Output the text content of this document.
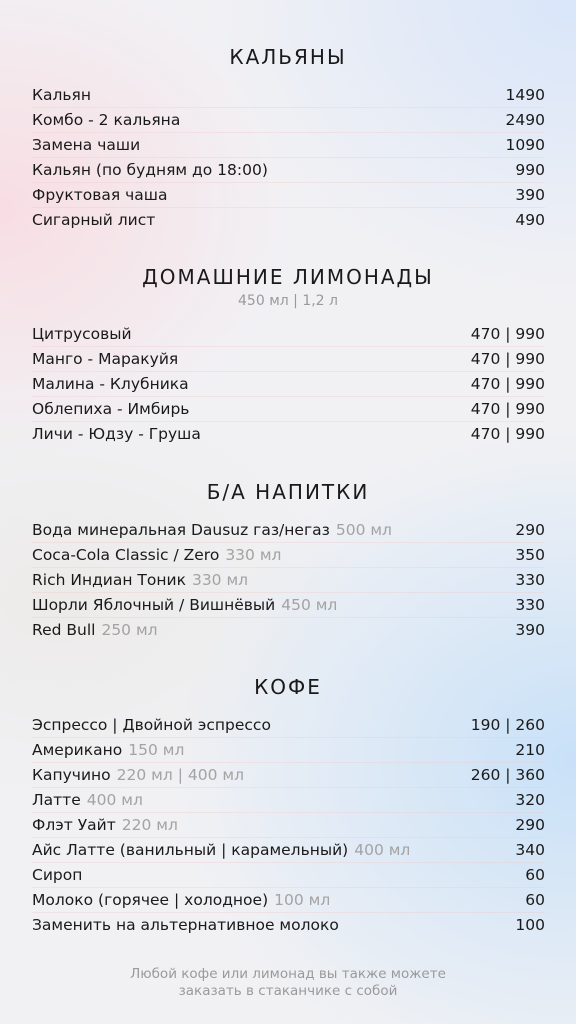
КАЛЬЯНЫ
Кальян	1490
Комбо - 2 кальяна	2490
Замена чаши	1090
Кальян (по будням до 18:00)	990
Фруктовая чаша	390
Сигарный лист	490
ДОМАШНИЕ ЛИМОНАДЫ
450 мл | 1,2 л
Цитрусовый	470 | 990
Манго - Маракуйя	470 | 990
Малина - Клубника	470 | 990
Облепиха - Имбирь	470 | 990
Личи - Юдзу - Груша	470 | 990
Б/А НАПИТКИ
Вода минеральная Dausuz газ/негаз 500 мл	290
Coca-Cola Classic / Zero 330 мл	350
Rich Индиан Тоник 330 мл	330
Шорли Яблочный / Вишнёвый 450 мл	330
Red Bull 250 мл	390
КОФЕ
Эспрессо | Двойной эспрессо	190 | 260
Американо 150 мл	210
Капучино 220 мл | 400 мл	260 | 360
Латте 400 мл	320
Флэт Уайт 220 мл	290
Айс Латте (ванильный | карамельный) 400 мл	340
Сироп	60
Молоко (горячее | холодное) 100 мл	60
Заменить на альтернативное молоко	100
Любой кофе или лимонад вы также можете
заказать в стаканчике с собой
